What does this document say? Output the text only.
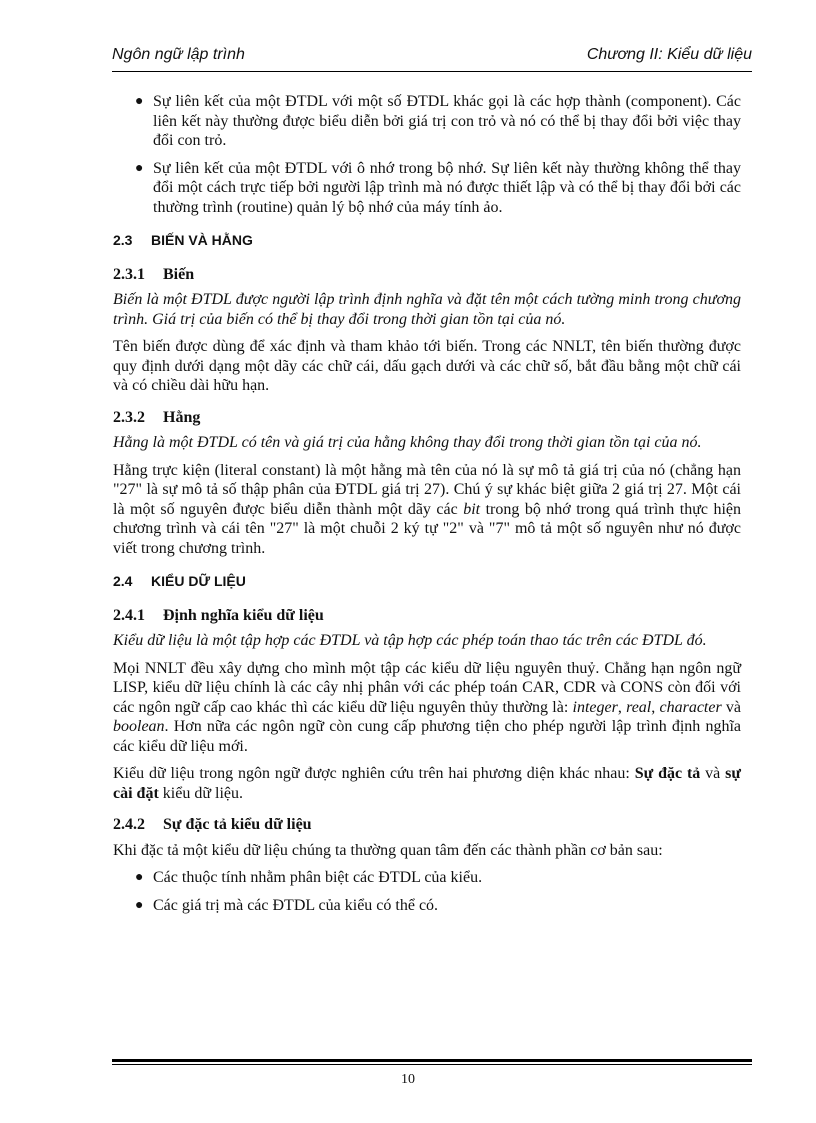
Ngôn ngữ lập trình	Chương II: Kiểu dữ liệu
● Sự liên kết của một ĐTDL với một số ĐTDL khác gọi là các hợp thành (component). Các liên kết này thường được biểu diễn bởi giá trị con trỏ và nó có thể bị thay đổi bởi việc thay đổi con trỏ.
● Sự liên kết của một ĐTDL với ô nhớ trong bộ nhớ. Sự liên kết này thường không thể thay đổi một cách trực tiếp bởi người lập trình mà nó được thiết lập và có thể bị thay đổi bởi các thường trình (routine) quản lý bộ nhớ của máy tính ảo.
2.3 BIẾN VÀ HẰNG
2.3.1 Biến

Biến là một ĐTDL được người lập trình định nghĩa và đặt tên một cách tường minh trong chương trình. Giá trị của biến có thể bị thay đổi trong thời gian tồn tại của nó.

Tên biến được dùng để xác định và tham khảo tới biến. Trong các NNLT, tên biến thường được quy định dưới dạng một dãy các chữ cái, dấu gạch dưới và các chữ số, bắt đầu bằng một chữ cái và có chiều dài hữu hạn.

2.3.2 Hằng

Hằng là một ĐTDL có tên và giá trị của hằng không thay đổi trong thời gian tồn tại của nó.

Hằng trực kiện (literal constant) là một hằng mà tên của nó là sự mô tả giá trị của nó (chẳng hạn "27" là sự mô tả số thập phân của ĐTDL giá trị 27). Chú ý sự khác biệt giữa 2 giá trị 27. Một cái là một số nguyên được biểu diễn thành một dãy các bit trong bộ nhớ trong quá trình thực hiện chương trình và cái tên "27" là một chuỗi 2 ký tự "2" và "7" mô tả một số nguyên như nó được viết trong chương trình.

2.4 KIỂU DỮ LIỆU
2.4.1 Định nghĩa kiểu dữ liệu

Kiểu dữ liệu là một tập hợp các ĐTDL và tập hợp các phép toán thao tác trên các ĐTDL đó.

Mọi NNLT đều xây dựng cho mình một tập các kiểu dữ liệu nguyên thuỷ. Chẳng hạn ngôn ngữ LISP, kiểu dữ liệu chính là các cây nhị phân với các phép toán CAR, CDR và CONS còn đối với các ngôn ngữ cấp cao khác thì các kiểu dữ liệu nguyên thủy thường là: integer, real, character và boolean. Hơn nữa các ngôn ngữ còn cung cấp phương tiện cho phép người lập trình định nghĩa các kiểu dữ liệu mới.

Kiểu dữ liệu trong ngôn ngữ được nghiên cứu trên hai phương diện khác nhau: Sự đặc tả và sự cài đặt kiểu dữ liệu.

2.4.2 Sự đặc tả kiểu dữ liệu

Khi đặc tả một kiểu dữ liệu chúng ta thường quan tâm đến các thành phần cơ bản sau:

● Các thuộc tính nhằm phân biệt các ĐTDL của kiểu.
● Các giá trị mà các ĐTDL của kiểu có thể có.
10
